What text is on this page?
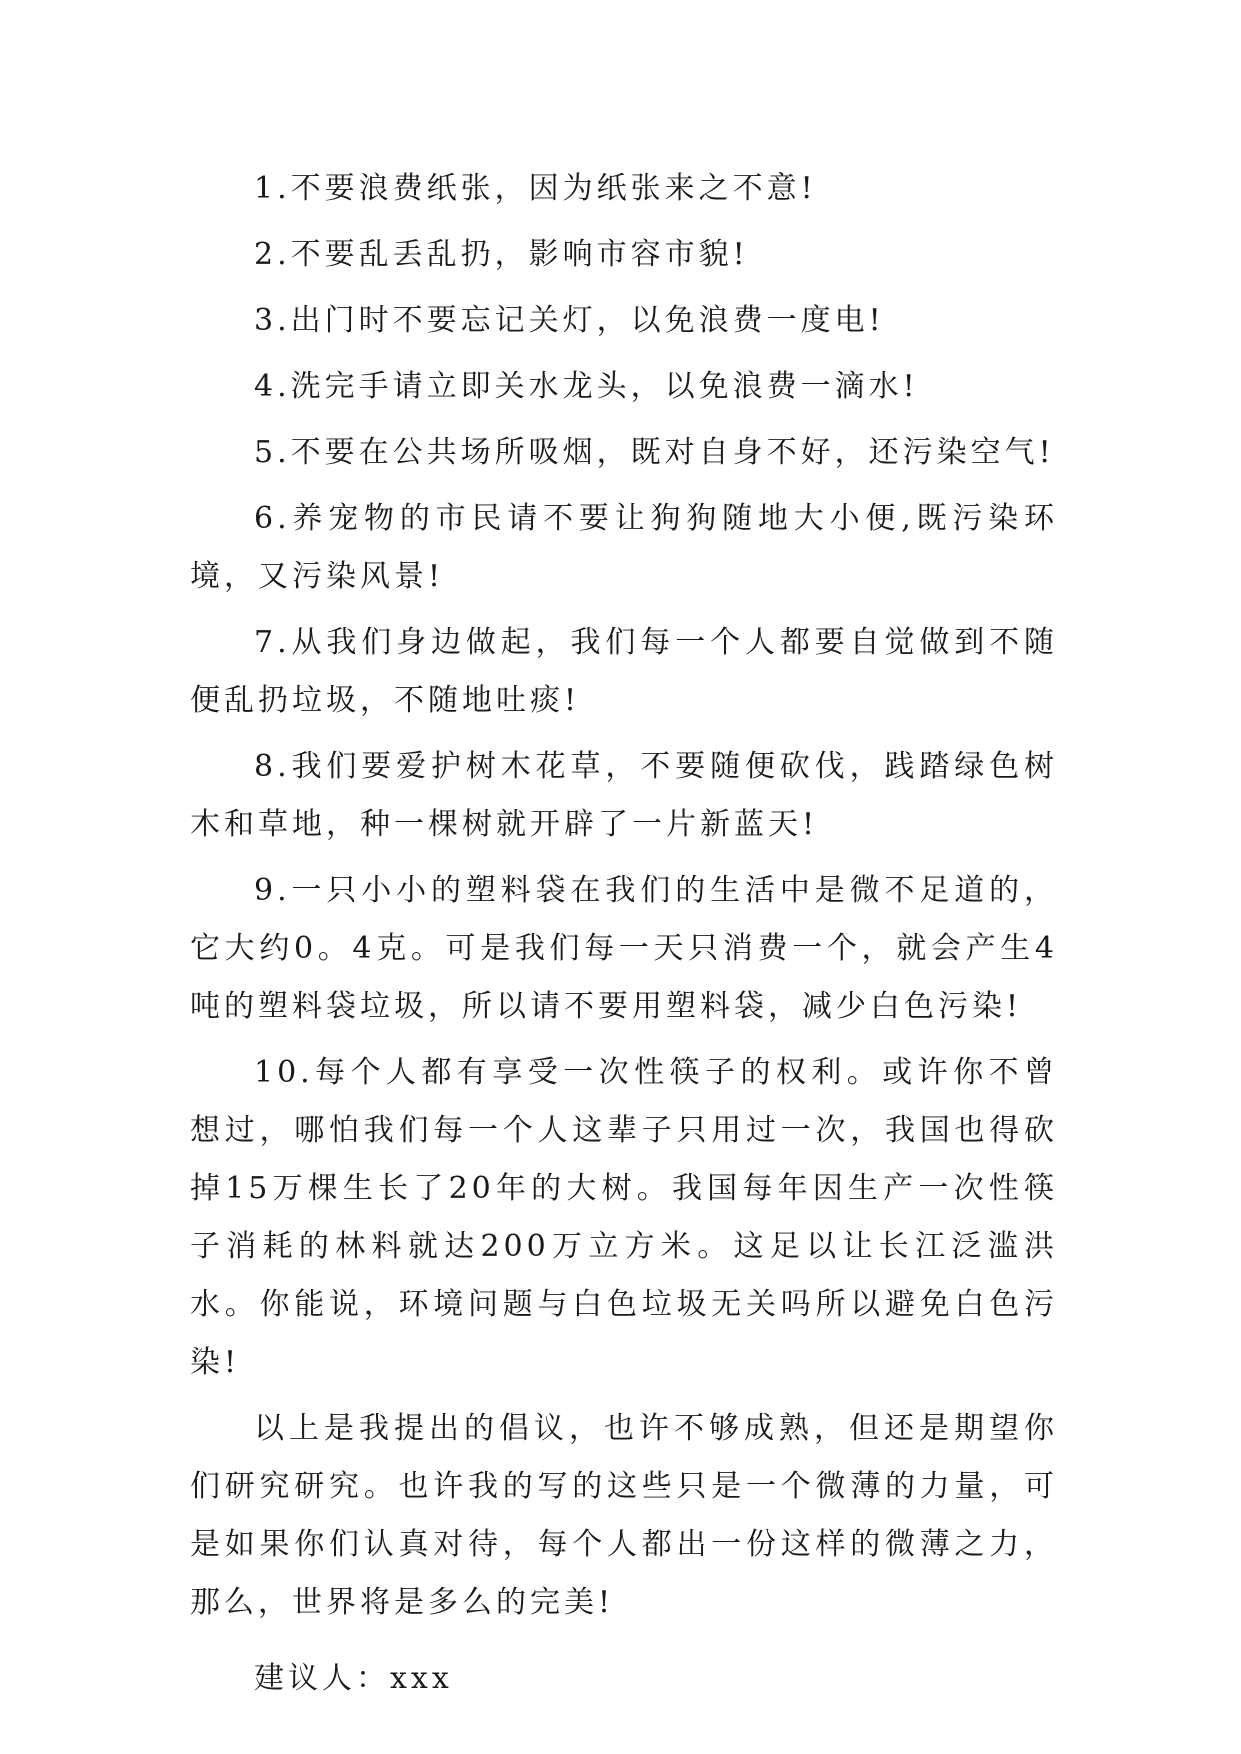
1.不要浪费纸张，因为纸张来之不意!

2.不要乱丢乱扔，影响市容市貌!

3.出门时不要忘记关灯，以免浪费一度电!

4.洗完手请立即关水龙头，以免浪费一滴水!

5.不要在公共场所吸烟，既对自身不好，还污染空气!

6.养宠物的市民请不要让狗狗随地大小便,既污染环境，又污染风景!

7.从我们身边做起，我们每一个人都要自觉做到不随便乱扔垃圾，不随地吐痰!

8.我们要爱护树木花草，不要随便砍伐，践踏绿色树木和草地，种一棵树就开辟了一片新蓝天!

9.一只小小的塑料袋在我们的生活中是微不足道的，它大约0。4克。可是我们每一天只消费一个，就会产生4吨的塑料袋垃圾，所以请不要用塑料袋，减少白色污染!

10.每个人都有享受一次性筷子的权利。或许你不曾想过，哪怕我们每一个人这辈子只用过一次，我国也得砍掉15万棵生长了20年的大树。我国每年因生产一次性筷子消耗的林料就达200万立方米。这足以让长江泛滥洪水。你能说，环境问题与白色垃圾无关吗所以避免白色污染!

以上是我提出的倡议，也许不够成熟，但还是期望你们研究研究。也许我的写的这些只是一个微薄的力量，可是如果你们认真对待，每个人都出一份这样的微薄之力，那么，世界将是多么的完美!

建议人：xxx
